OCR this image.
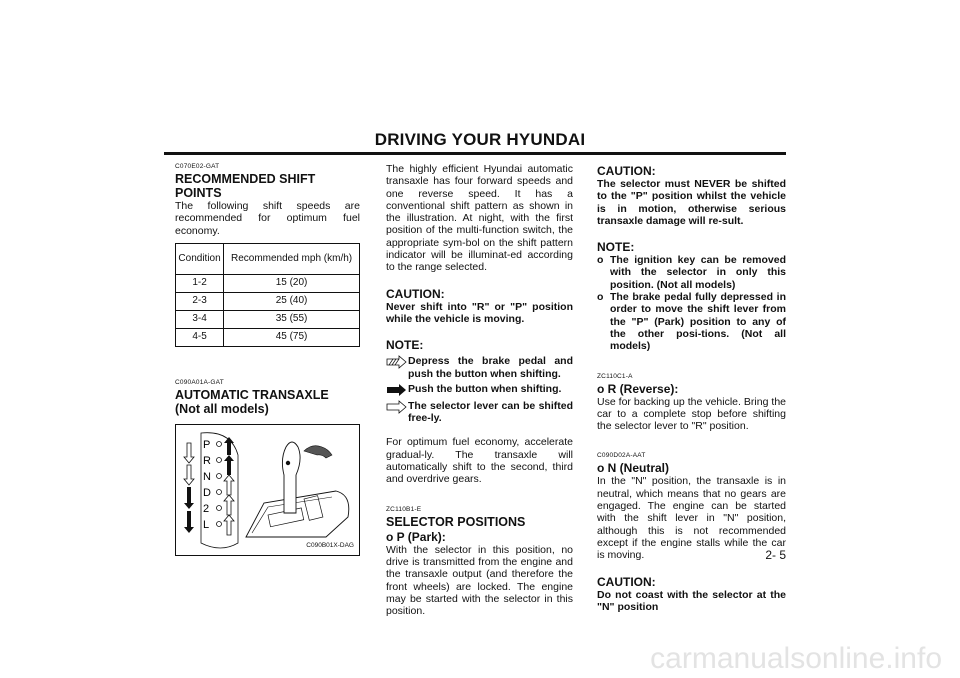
DRIVING YOUR HYUNDAI
C070E02-GAT
RECOMMENDED SHIFT POINTS

The following shift speeds are recommended for optimum fuel economy.

Condition	Recommended mph (km/h)
1-2	15 (20)
2-3	25 (40)
3-4	35 (55)
4-5	45 (75)
C090A01A-GAT
AUTOMATIC TRANSAXLE
(Not all models)
P
R
N
D
2
L
C090B01X-DAG

The highly efficient Hyundai automatic transaxle has four forward speeds and one reverse speed. It has a conventional shift pattern as shown in the illustration. At night, with the first position of the multi-function switch, the appropriate sym-bol on the shift pattern indicator will be illuminat-ed according to the range selected.

CAUTION:

Never shift into "R" or "P" position while the vehicle is moving.

NOTE:
Depress the brake pedal and push the button when shifting.
Push the button when shifting.
The selector lever can be shifted free-ly.

For optimum fuel economy, accelerate gradual-ly. The transaxle will automatically shift to the second, third and overdrive gears.

ZC110B1-E
SELECTOR POSITIONS
o P (Park):

With the selector in this position, no drive is transmitted from the engine and the transaxle output (and therefore the front wheels) are locked. The engine may be started with the selector in this position.

CAUTION:

The selector must NEVER be shifted to the "P" position whilst the vehicle is in motion, otherwise serious transaxle damage will re-sult.

NOTE:
o The ignition key can be removed with the selector in only this position. (Not all models)
o The brake pedal fully depressed in order to move the shift lever from the "P" (Park) position to any of the other posi-tions. (Not all models)
ZC110C1-A
o R (Reverse):

Use for backing up the vehicle. Bring the car to a complete stop before shifting the selector lever to "R" position.

C090D02A-AAT
o N (Neutral)

In the "N" position, the transaxle is in neutral, which means that no gears are engaged. The engine can be started with the shift lever in "N" position, although this is not recommended except if the engine stalls while the car is moving.

CAUTION:

Do not coast with the selector at the "N" position

2- 5
carmanualsonline.info
